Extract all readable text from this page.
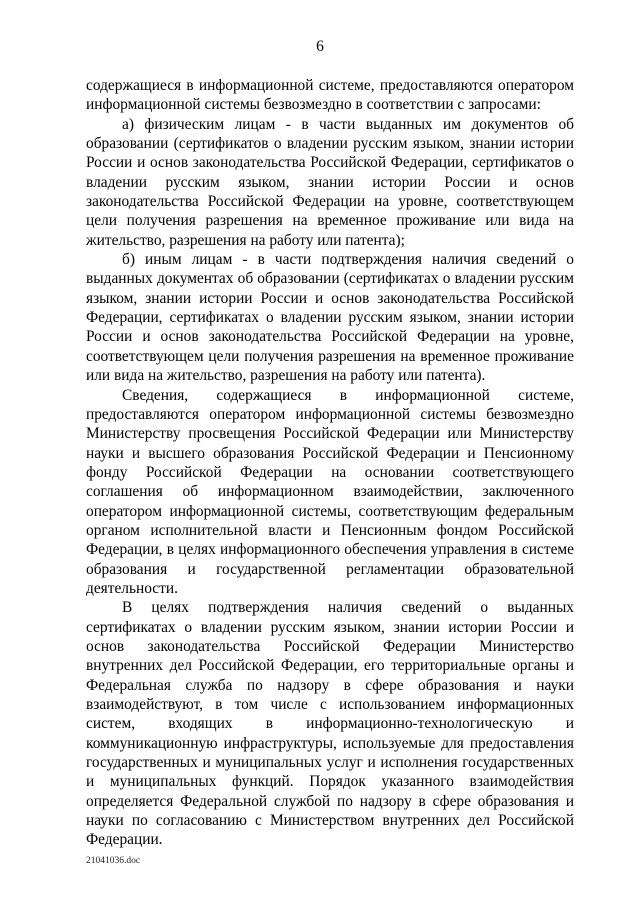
6

содержащиеся в информационной системе, предоставляются оператором информационной системы безвозмездно в соответствии с запросами:

а) физическим лицам - в части выданных им документов об образовании (сертификатов о владении русским языком, знании истории России и основ законодательства Российской Федерации, сертификатов о владении русским языком, знании истории России и основ законодательства Российской Федерации на уровне, соответствующем цели получения разрешения на временное проживание или вида на жительство, разрешения на работу или патента);

б) иным лицам - в части подтверждения наличия сведений о выданных документах об образовании (сертификатах о владении русским языком, знании истории России и основ законодательства Российской Федерации, сертификатах о владении русским языком, знании истории России и основ законодательства Российской Федерации на уровне, соответствующем цели получения разрешения на временное проживание или вида на жительство, разрешения на работу или патента).

Сведения, содержащиеся в информационной системе, предоставляются оператором информационной системы безвозмездно Министерству просвещения Российской Федерации или Министерству науки и высшего образования Российской Федерации и Пенсионному фонду Российской Федерации на основании соответствующего соглашения об информационном взаимодействии, заключенного оператором информационной системы, соответствующим федеральным органом исполнительной власти и Пенсионным фондом Российской Федерации, в целях информационного обеспечения управления в системе образования и государственной регламентации образовательной деятельности.

В целях подтверждения наличия сведений о выданных сертификатах о владении русским языком, знании истории России и основ законодательства Российской Федерации Министерство внутренних дел Российской Федерации, его территориальные органы и Федеральная служба по надзору в сфере образования и науки взаимодействуют, в том числе с использованием информационных систем, входящих в информационно-технологическую и коммуникационную инфраструктуры, используемые для предоставления государственных и муниципальных услуг и исполнения государственных и муниципальных функций. Порядок указанного взаимодействия определяется Федеральной службой по надзору в сфере образования и науки по согласованию с Министерством внутренних дел Российской Федерации.

21041036.doc
